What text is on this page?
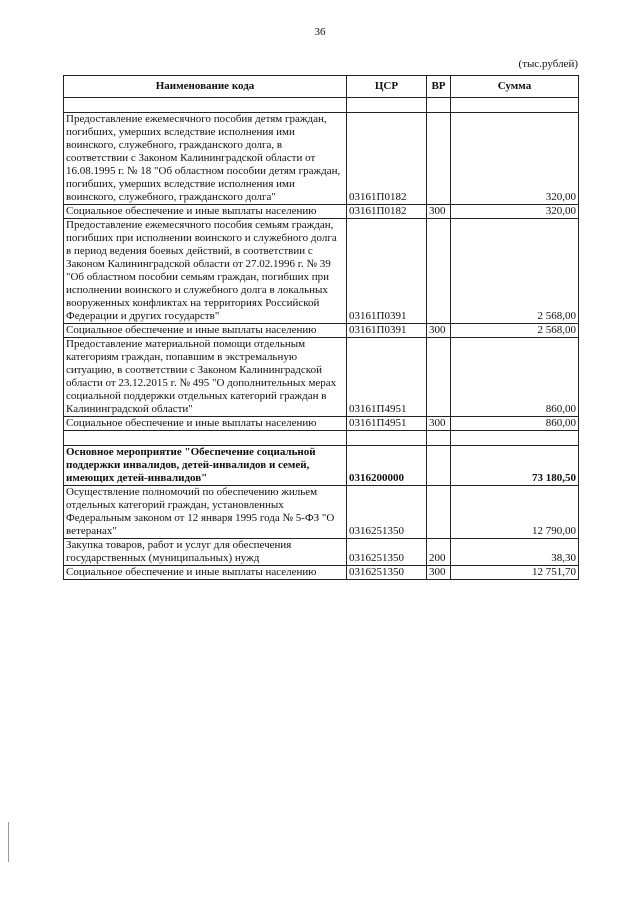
36
(тыс.рублей)
Наименование кода	ЦСР	ВР	Сумма

Предоставление ежемесячного пособия детям граждан, погибших, умерших вследствие исполнения ими воинского, служебного, гражданского долга, в соответствии с Законом Калининградской области от 16.08.1995 г. № 18 "Об областном пособии детям граждан, погибших, умерших вследствие исполнения ими воинского, служебного, гражданского долга"	03161П0182		320,00
Социальное обеспечение и иные выплаты населению	03161П0182	300	320,00
Предоставление ежемесячного пособия семьям граждан, погибших при исполнении воинского и служебного долга в период ведения боевых действий, в соответствии с Законом Калининградской области от 27.02.1996 г. № 39 "Об областном пособии семьям граждан, погибших при исполнении воинского и служебного долга в локальных вооруженных конфликтах на территориях Российской Федерации и других государств"	03161П0391		2 568,00
Социальное обеспечение и иные выплаты населению	03161П0391	300	2 568,00
Предоставление материальной помощи отдельным категориям граждан, попавшим в экстремальную ситуацию, в соответствии с Законом Калининградской области от 23.12.2015 г. № 495 "О дополнительных мерах социальной поддержки отдельных категорий граждан в Калининградской области"	03161П4951		860,00
Социальное обеспечение и иные выплаты населению	03161П4951	300	860,00

Основное мероприятие "Обеспечение социальной поддержки инвалидов, детей-инвалидов и семей, имеющих детей-инвалидов"	0316200000		73 180,50
Осуществление полномочий по обеспечению жильем отдельных категорий граждан, установленных Федеральным законом от 12 января 1995 года № 5-ФЗ "О ветеранах"	0316251350		12 790,00
Закупка товаров, работ и услуг для обеспечения государственных (муниципальных) нужд	0316251350	200	38,30
Социальное обеспечение и иные выплаты населению	0316251350	300	12 751,70
